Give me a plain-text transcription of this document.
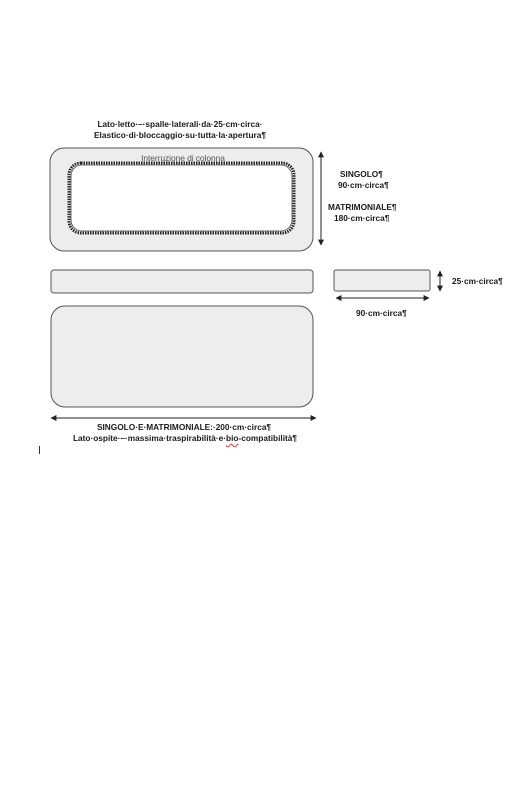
Lato·letto·–·spalle·laterali·da·25·cm·circa·
Elastico·di·bloccaggio·su·tutta·la·apertura¶
Interruzione di colonna
SINGOLO¶
90·cm·circa¶
MATRIMONIALE¶
180·cm·circa¶
25·cm·circa¶
90·cm·circa¶
SINGOLO·E·MATRIMONIALE:·200·cm·circa¶
Lato·ospite·–·massima·traspirabilità·e·bio-compatibilità¶
